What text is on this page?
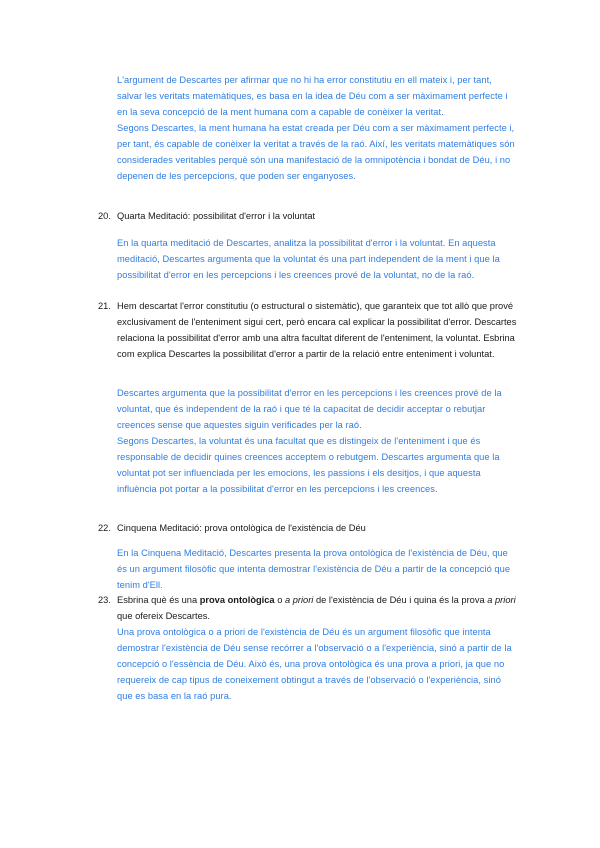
L'argument de Descartes per afirmar que no hi ha error constitutiu en ell mateix i, per tant, salvar les veritats matemàtiques, es basa en la idea de Déu com a ser màximament perfecte i en la seva concepció de la ment humana com a capable de conèixer la veritat.

Segons Descartes, la ment humana ha estat creada per Déu com a ser màximament perfecte i, per tant, és capable de conèixer la veritat a través de la raó. Així, les veritats matemàtiques són considerades veritables perquè són una manifestació de la omnipotència i bondat de Déu, i no depenen de les percepcions, que poden ser enganyoses.

20. Quarta Meditació: possibilitat d'error i la voluntat

En la quarta meditació de Descartes, analitza la possibilitat d'error i la voluntat. En aquesta meditació, Descartes argumenta que la voluntat és una part independent de la ment i que la possibilitat d'error en les percepcions i les creences prové de la voluntat, no de la raó.

21. Hem descartat l'error constitutiu (o estructural o sistemàtic), que garanteix que tot allò que prové exclusivament de l'enteniment sigui cert, però encara cal explicar la possibilitat d'error. Descartes relaciona la possibilitat d'error amb una altra facultat diferent de l'enteniment, la voluntat. Esbrina com explica Descartes la possibilitat d'error a partir de la relació entre enteniment i voluntat.

Descartes argumenta que la possibilitat d'error en les percepcions i les creences prové de la voluntat, que és independent de la raó i que té la capacitat de decidir acceptar o rebutjar creences sense que aquestes siguin verificades per la raó.

Segons Descartes, la voluntat és una facultat que es distingeix de l'enteniment i que és responsable de decidir quines creences acceptem o rebutgem. Descartes argumenta que la voluntat pot ser influenciada per les emocions, les passions i els desitjos, i que aquesta influència pot portar a la possibilitat d'error en les percepcions i les creences.

22. Cinquena Meditació: prova ontològica de l'existència de Déu

En la Cinquena Meditació, Descartes presenta la prova ontològica de l'existència de Déu, que és un argument filosòfic que intenta demostrar l'existència de Déu a partir de la concepció que tenim d'Ell.

23. Esbrina què és una prova ontològica o a priori de l'existència de Déu i quina és la prova a priori que ofereix Descartes.

Una prova ontològica o a priori de l'existència de Déu és un argument filosòfic que intenta demostrar l'existència de Déu sense recórrer a l'observació o a l'experiència, sinó a partir de la concepció o l'essència de Déu. Això és, una prova ontològica és una prova a priori, ja que no requereix de cap tipus de coneixement obtingut a través de l'observació o l'experiència, sinó que es basa en la raó pura.
